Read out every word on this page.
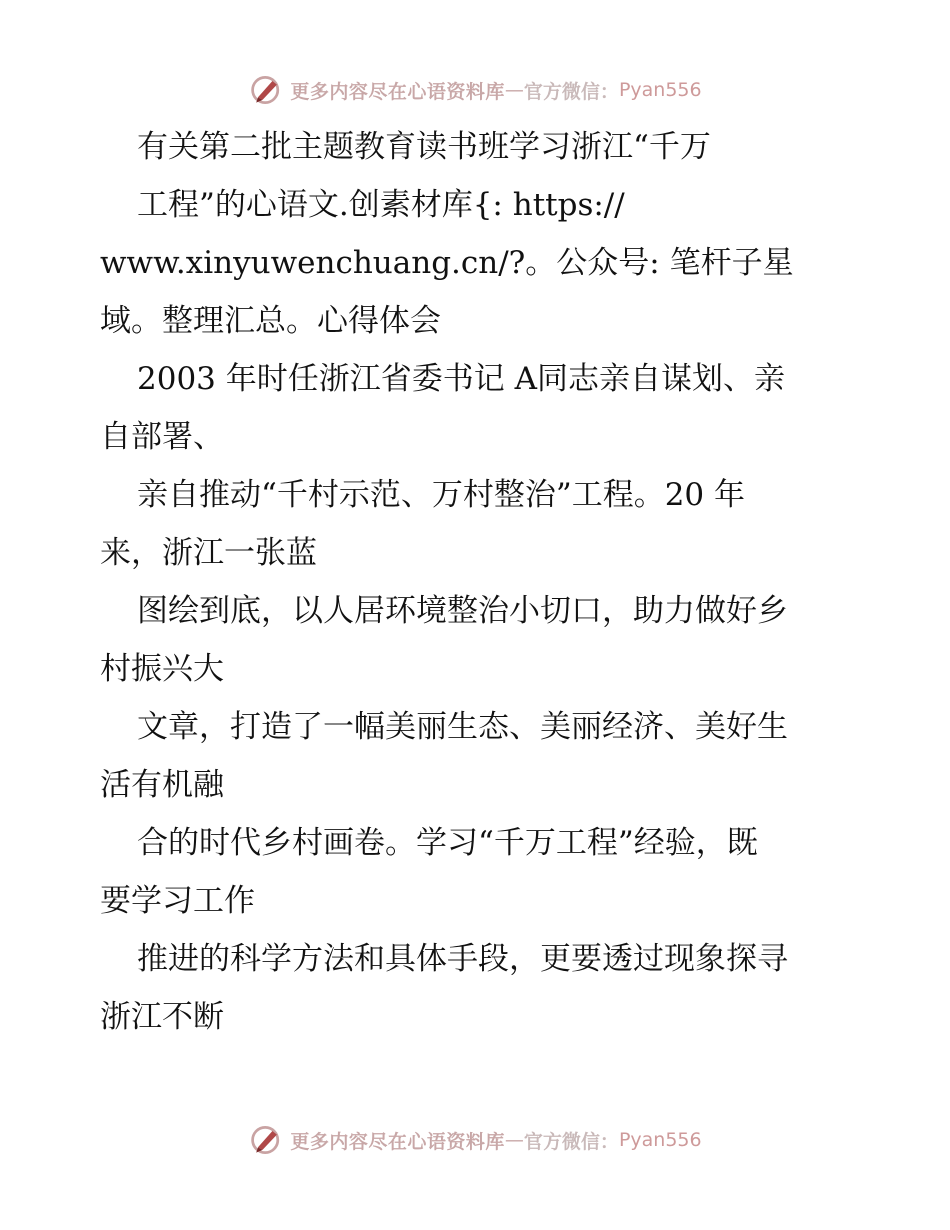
更多内容尽在心语资料库 — 官方微信： Pyan556
有关第二批主题教育读书班学习浙江“千万
工程”的心语文.创素材库{: https://
www.xinyuwenchuang.cn/?。公众号: 笔杆子星
域。整理汇总。心得体会
2003 年时任浙江省委书记 A同志亲自谋划、亲
自部署、
亲自推动“千村示范、万村整治”工程。20 年
来，浙江一张蓝
图绘到底，以人居环境整治小切口，助力做好乡
村振兴大
文章，打造了一幅美丽生态、美丽经济、美好生
活有机融
合的时代乡村画卷。学习“千万工程”经验，既
要学习工作
推进的科学方法和具体手段，更要透过现象探寻
浙江不断
更多内容尽在心语资料库 — 官方微信： Pyan556
